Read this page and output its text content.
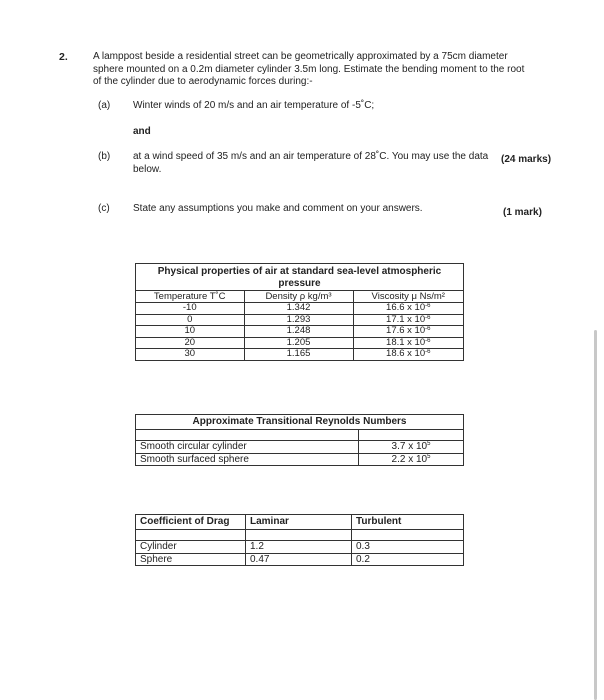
2.	A lamppost beside a residential street can be geometrically approximated by a 75cm diameter sphere mounted on a 0.2m diameter cylinder 3.5m long. Estimate the bending moment to the root of the cylinder due to aerodynamic forces during:-
(a) Winter winds of 20 m/s and an air temperature of -5˚C;
and
(b) at a wind speed of 35 m/s and an air temperature of 28˚C. You may use the data below.
(24 marks)
(c) State any assumptions you make and comment on your answers.	(1 mark)
Physical properties of air at standard sea-level atmospheric pressure
Temperature T˚C	Density ρ kg/m³	Viscosity μ Ns/m²
-10	1.342	16.6 x $10^{-6}$
0	1.293	17.1 x $10^{-6}$
10	1.248	17.6 x $10^{-6}$
20	1.205	18.1 x $10^{-6}$
30	1.165	18.6 x $10^{-6}$
Approximate Transitional Reynolds Numbers
Smooth circular cylinder	3.7 x $10^5$
Smooth surfaced sphere	2.2 x $10^5$
Coefficient of Drag	Laminar	Turbulent
Cylinder	1.2	0.3
Sphere	0.47	0.2
